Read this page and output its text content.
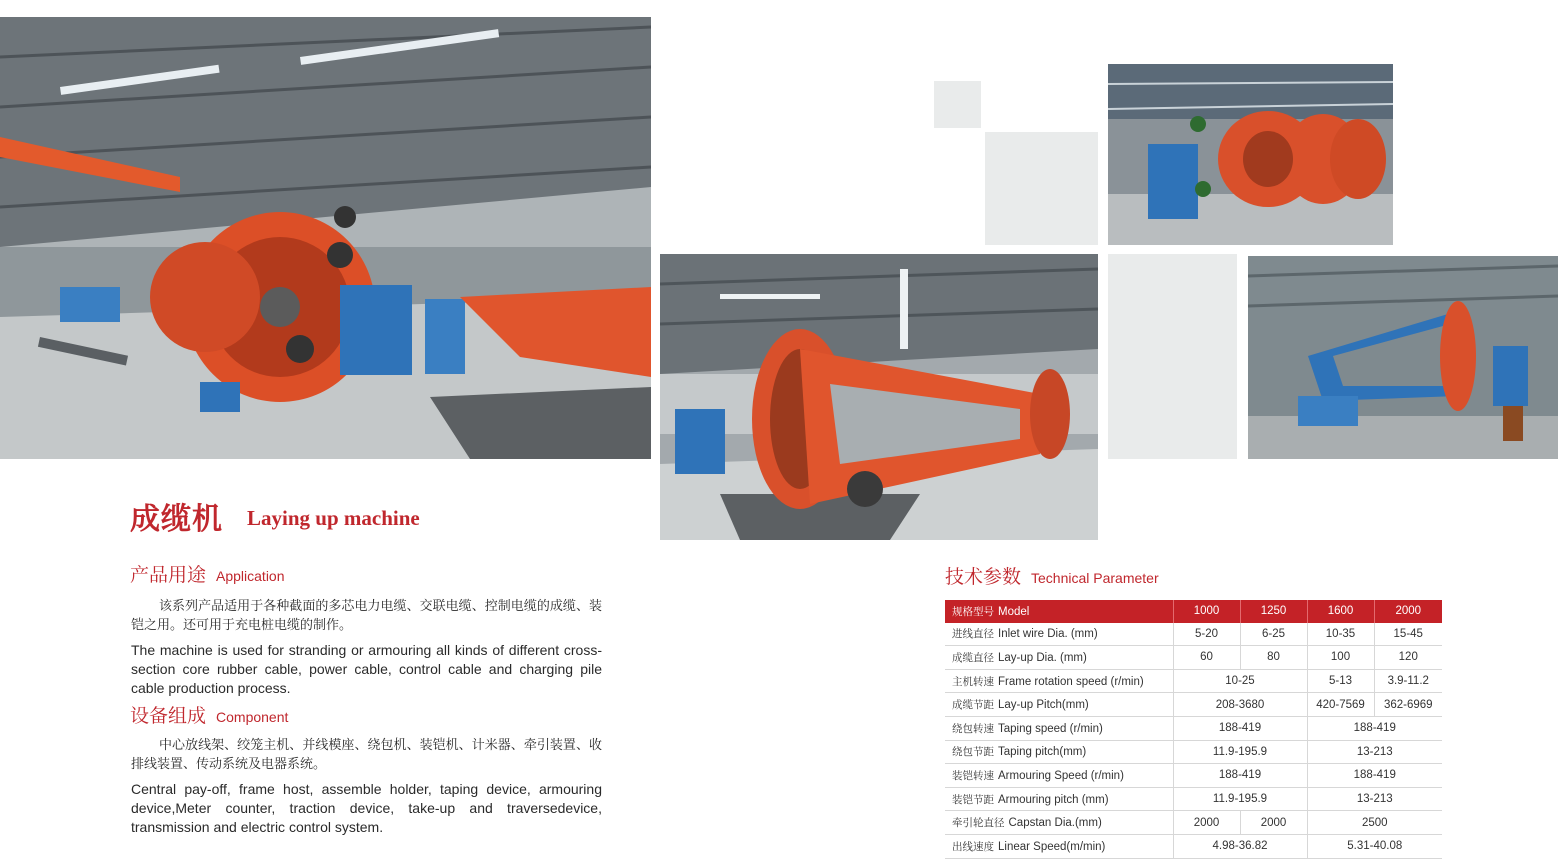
成缆机 Laying up machine
产品用途 Application
该系列产品适用于各种截面的多芯电力电缆、交联电缆、控制电缆的成缆、装铠之用。还可用于充电桩电缆的制作。
The machine is used for stranding or armouring all kinds of different cross-section core rubber cable, power cable, control cable and charging pile cable production process.
设备组成 Component
中心放线架、绞笼主机、并线模座、绕包机、装铠机、计米器、牵引装置、收排线装置、传动系统及电器系统。
Central pay-off, frame host, assemble holder, taping device, armouring device,Meter counter, traction device, take-up and traversedevice, transmission and electric control system.
技术参数 Technical Parameter
规格型号 Model	1000	1250	1600	2000
进线直径 Inlet wire Dia. (mm)	5-20	6-25	10-35	15-45
成缆直径 Lay-up Dia. (mm)	60	80	100	120
主机转速 Frame rotation speed (r/min)	10-25		5-13	3.9-11.2
成缆节距 Lay-up Pitch(mm)	208-3680		420-7569	362-6969
绕包转速 Taping speed (r/min)	188-419		188-419	
绕包节距 Taping pitch(mm)	11.9-195.9		13-213	
装铠转速 Armouring Speed (r/min)	188-419		188-419	
装铠节距 Armouring pitch (mm)	11.9-195.9		13-213	
牵引轮直径 Capstan Dia.(mm)	2000	2000	2500	
出线速度 Linear Speed(m/min)	4.98-36.82		5.31-40.08	
